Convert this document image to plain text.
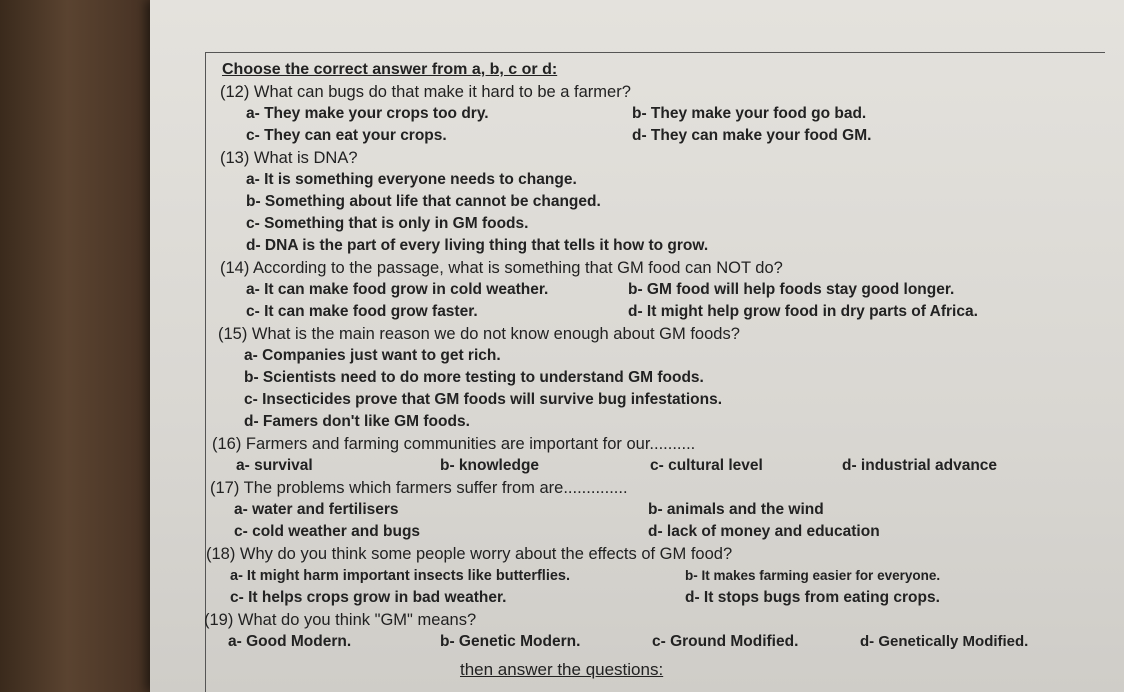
Choose the correct answer from a, b, c or d:
(12) What can bugs do that make it hard to be a farmer?
a- They make your crops too dry.	b- They make your food go bad.
c- They can eat your crops.	d- They can make your food GM.
(13) What is DNA?
a- It is something everyone needs to change.
b- Something about life that cannot be changed.
c- Something that is only in GM foods.
d- DNA is the part of every living thing that tells it how to grow.
(14) According to the passage, what is something that GM food can NOT do?
a- It can make food grow in cold weather.	b- GM food will help foods stay good longer.
c- It can make food grow faster.	d- It might help grow food in dry parts of Africa.
(15) What is the main reason we do not know enough about GM foods?
a- Companies just want to get rich.
b- Scientists need to do more testing to understand GM foods.
c- Insecticides prove that GM foods will survive bug infestations.
d- Famers don't like GM foods.
(16) Farmers and farming communities are important for our..........
a- survival	b- knowledge	c- cultural level	d- industrial advance
(17) The problems which farmers suffer from are..............
a- water and fertilisers	b- animals and the wind
c- cold weather and bugs	d- lack of money and education
(18) Why do you think some people worry about the effects of GM food?
a- It might harm important insects like butterflies.	b- It makes farming easier for everyone.
c- It helps crops grow in bad weather.	d- It stops bugs from eating crops.
(19) What do you think "GM" means?
a- Good Modern.	b- Genetic Modern.	c- Ground Modified.	d- Genetically Modified.
then answer the questions:
